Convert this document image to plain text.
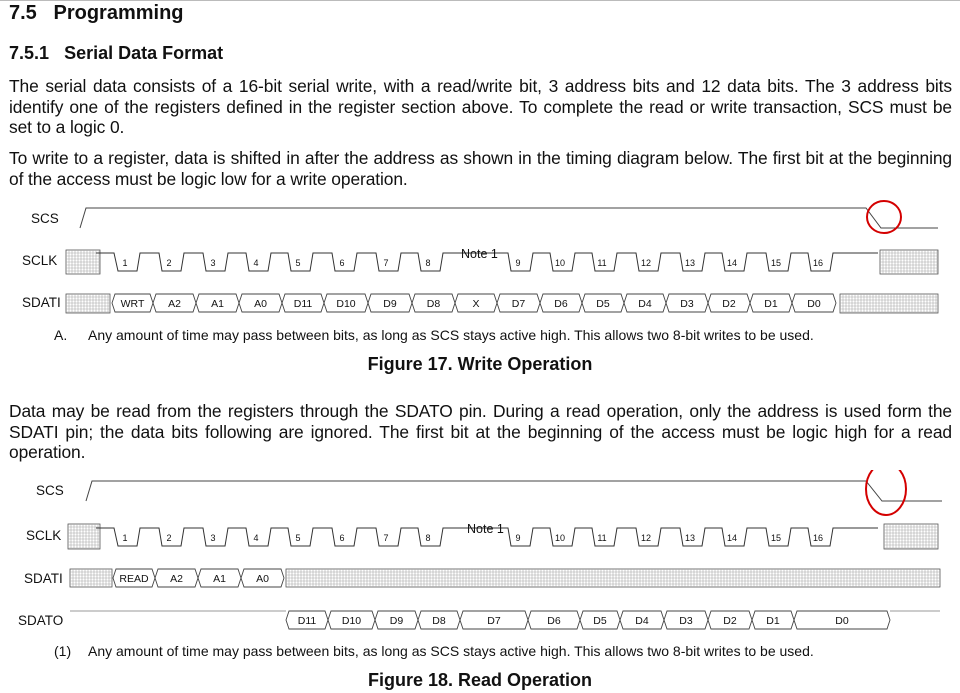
7.5 Programming
7.5.1 Serial Data Format
The serial data consists of a 16-bit serial write, with a read/write bit, 3 address bits and 12 data bits. The 3 address bits identify one of the registers defined in the register section above. To complete the read or write transaction, SCS must be set to a logic 0.
To write to a register, data is shifted in after the address as shown in the timing diagram below. The first bit at the beginning of the access must be logic low for a write operation.
SCS
SCLK
SDATI
1	2	3	4	5	6	7	8	9	10	11	12	13	14	15	16
Note 1
WRT A2	A1	A0	D11 D10	D9	D8	X	D7	D6	D5	D4	D3	D2	D1	D0
A. Any amount of time may pass between bits, as long as SCS stays active high. This allows two 8-bit writes to be used.
Figure 17. Write Operation
Data may be read from the registers through the SDATO pin. During a read operation, only the address is used form the SDATI pin; the data bits following are ignored. The first bit at the beginning of the access must be logic high for a read operation.
SCS
SCLK
SDATI
SDATO
1	2	3	4	5	6	7	8	9	10	11	12	13	14	15	16
Note 1
READ A2	A1	A0
D11 D10	D9	D8	D7	D6	D5	D4	D3	D2	D1	D0
(1) Any amount of time may pass between bits, as long as SCS stays active high. This allows two 8-bit writes to be used.
Figure 18. Read Operation
